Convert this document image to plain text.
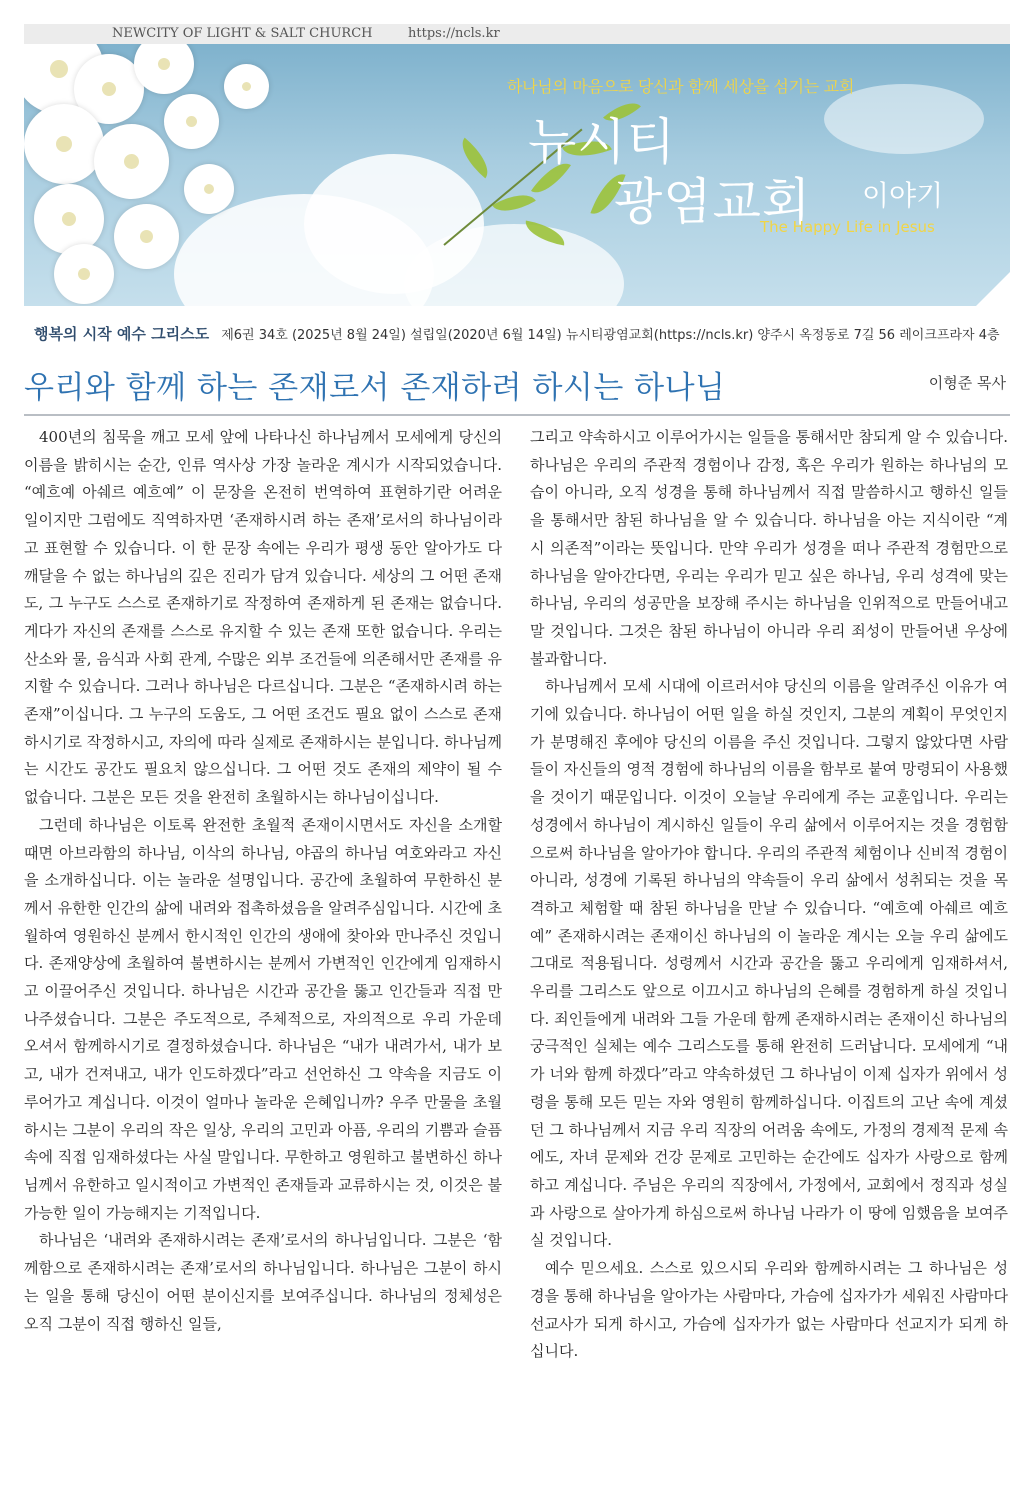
NEWCITY OF LIGHT & SALT CHURCH	https://ncls.kr
하나님의 마음으로 당신과 함께 세상을 섬기는 교회
뉴시티
광염교회 이야기
The Happy Life in Jesus
행복의 시작 예수 그리스도 제6권 34호 (2025년 8월 24일) 설립일(2020년 6월 14일) 뉴시티광염교회(https://ncls.kr) 양주시 옥정동로 7길 56 레이크프라자 4층
우리와 함께 하는 존재로서 존재하려 하시는 하나님	이형준 목사

400년의 침묵을 깨고 모세 앞에 나타나신 하나님께서 모세에게 당신의 이름을 밝히시는 순간, 인류 역사상 가장 놀라운 계시가 시작되었습니다. “예흐예 아쉐르 예흐예” 이 문장을 온전히 번역하여 표현하기란 어려운 일이지만 그럼에도 직역하자면 ‘존재하시려 하는 존재’로서의 하나님이라고 표현할 수 있습니다. 이 한 문장 속에는 우리가 평생 동안 알아가도 다 깨달을 수 없는 하나님의 깊은 진리가 담겨 있습니다. 세상의 그 어떤 존재도, 그 누구도 스스로 존재하기로 작정하여 존재하게 된 존재는 없습니다. 게다가 자신의 존재를 스스로 유지할 수 있는 존재 또한 없습니다. 우리는 산소와 물, 음식과 사회 관계, 수많은 외부 조건들에 의존해서만 존재를 유지할 수 있습니다. 그러나 하나님은 다르십니다. 그분은 “존재하시려 하는 존재”이십니다. 그 누구의 도움도, 그 어떤 조건도 필요 없이 스스로 존재하시기로 작정하시고, 자의에 따라 실제로 존재하시는 분입니다. 하나님께는 시간도 공간도 필요치 않으십니다. 그 어떤 것도 존재의 제약이 될 수 없습니다. 그분은 모든 것을 완전히 초월하시는 하나님이십니다.

그런데 하나님은 이토록 완전한 초월적 존재이시면서도 자신을 소개할 때면 아브라함의 하나님, 이삭의 하나님, 야곱의 하나님 여호와라고 자신을 소개하십니다. 이는 놀라운 설명입니다. 공간에 초월하여 무한하신 분께서 유한한 인간의 삶에 내려와 접촉하셨음을 알려주심입니다. 시간에 초월하여 영원하신 분께서 한시적인 인간의 생애에 찾아와 만나주신 것입니다. 존재양상에 초월하여 불변하시는 분께서 가변적인 인간에게 임재하시고 이끌어주신 것입니다. 하나님은 시간과 공간을 뚫고 인간들과 직접 만나주셨습니다. 그분은 주도적으로, 주체적으로, 자의적으로 우리 가운데 오셔서 함께하시기로 결정하셨습니다. 하나님은 “내가 내려가서, 내가 보고, 내가 건져내고, 내가 인도하겠다”라고 선언하신 그 약속을 지금도 이루어가고 계십니다. 이것이 얼마나 놀라운 은혜입니까? 우주 만물을 초월하시는 그분이 우리의 작은 일상, 우리의 고민과 아픔, 우리의 기쁨과 슬픔 속에 직접 임재하셨다는 사실 말입니다. 무한하고 영원하고 불변하신 하나님께서 유한하고 일시적이고 가변적인 존재들과 교류하시는 것, 이것은 불가능한 일이 가능해지는 기적입니다.

하나님은 ‘내려와 존재하시려는 존재’로서의 하나님입니다. 그분은 ‘함께함으로 존재하시려는 존재’로서의 하나님입니다. 하나님은 그분이 하시는 일을 통해 당신이 어떤 분이신지를 보여주십니다. 하나님의 정체성은 오직 그분이 직접 행하신 일들,

그리고 약속하시고 이루어가시는 일들을 통해서만 참되게 알 수 있습니다. 하나님은 우리의 주관적 경험이나 감정, 혹은 우리가 원하는 하나님의 모습이 아니라, 오직 성경을 통해 하나님께서 직접 말씀하시고 행하신 일들을 통해서만 참된 하나님을 알 수 있습니다. 하나님을 아는 지식이란 “계시 의존적”이라는 뜻입니다. 만약 우리가 성경을 떠나 주관적 경험만으로 하나님을 알아간다면, 우리는 우리가 믿고 싶은 하나님, 우리 성격에 맞는 하나님, 우리의 성공만을 보장해 주시는 하나님을 인위적으로 만들어내고 말 것입니다. 그것은 참된 하나님이 아니라 우리 죄성이 만들어낸 우상에 불과합니다.

하나님께서 모세 시대에 이르러서야 당신의 이름을 알려주신 이유가 여기에 있습니다. 하나님이 어떤 일을 하실 것인지, 그분의 계획이 무엇인지가 분명해진 후에야 당신의 이름을 주신 것입니다. 그렇지 않았다면 사람들이 자신들의 영적 경험에 하나님의 이름을 함부로 붙여 망령되이 사용했을 것이기 때문입니다. 이것이 오늘날 우리에게 주는 교훈입니다. 우리는 성경에서 하나님이 계시하신 일들이 우리 삶에서 이루어지는 것을 경험함으로써 하나님을 알아가야 합니다. 우리의 주관적 체험이나 신비적 경험이 아니라, 성경에 기록된 하나님의 약속들이 우리 삶에서 성취되는 것을 목격하고 체험할 때 참된 하나님을 만날 수 있습니다. “예흐예 아쉐르 예흐예” 존재하시려는 존재이신 하나님의 이 놀라운 계시는 오늘 우리 삶에도 그대로 적용됩니다. 성령께서 시간과 공간을 뚫고 우리에게 임재하셔서, 우리를 그리스도 앞으로 이끄시고 하나님의 은혜를 경험하게 하실 것입니다. 죄인들에게 내려와 그들 가운데 함께 존재하시려는 존재이신 하나님의 궁극적인 실체는 예수 그리스도를 통해 완전히 드러납니다. 모세에게 “내가 너와 함께 하겠다”라고 약속하셨던 그 하나님이 이제 십자가 위에서 성령을 통해 모든 믿는 자와 영원히 함께하십니다. 이집트의 고난 속에 계셨던 그 하나님께서 지금 우리 직장의 어려움 속에도, 가정의 경제적 문제 속에도, 자녀 문제와 건강 문제로 고민하는 순간에도 십자가 사랑으로 함께하고 계십니다. 주님은 우리의 직장에서, 가정에서, 교회에서 정직과 성실과 사랑으로 살아가게 하심으로써 하나님 나라가 이 땅에 임했음을 보여주실 것입니다.

예수 믿으세요. 스스로 있으시되 우리와 함께하시려는 그 하나님은 성경을 통해 하나님을 알아가는 사람마다, 가슴에 십자가가 세워진 사람마다 선교사가 되게 하시고, 가슴에 십자가가 없는 사람마다 선교지가 되게 하십니다.
